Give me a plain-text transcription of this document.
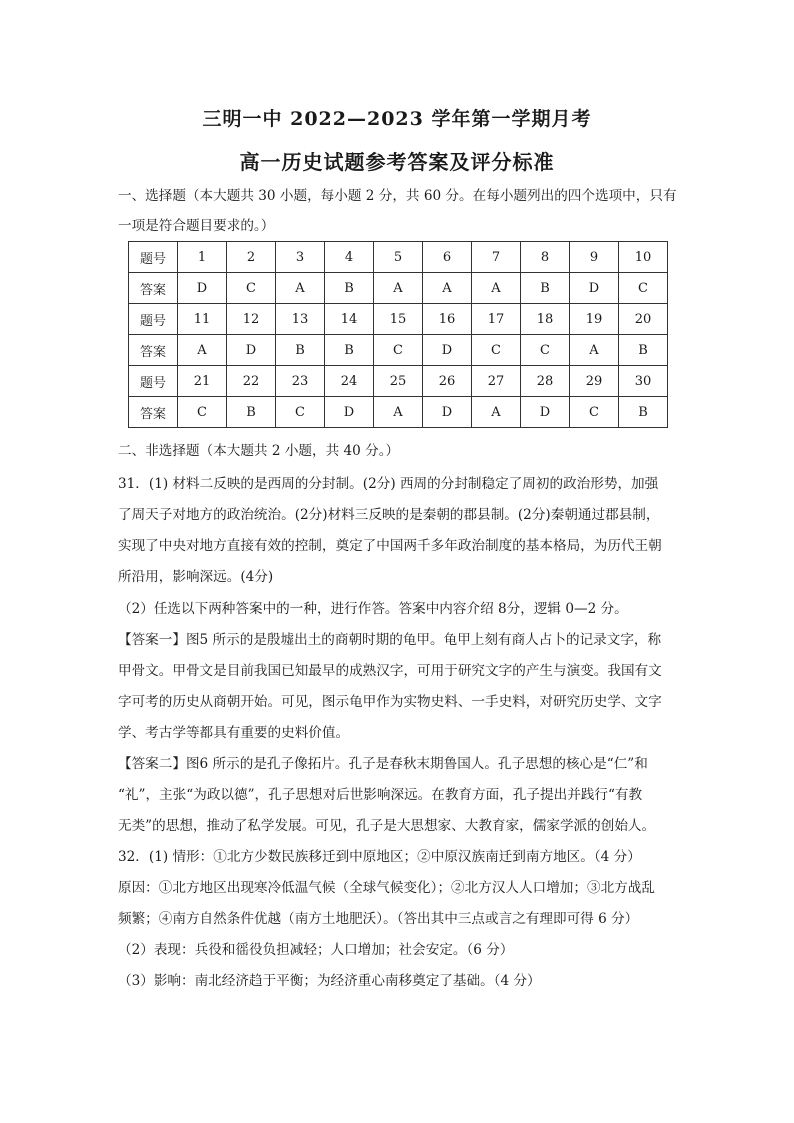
三明一中 2022—2023 学年第一学期月考
高一历史试题参考答案及评分标准
一、选择题（本大题共 30 小题，每小题 2 分，共 60 分。在每小题列出的四个选项中，只有
一项是符合题目要求的。）
题号	1	2	3	4	5	6	7	8	9	10
答案	D	C	A	B	A	A	A	B	D	C
题号	11	12	13	14	15	16	17	18	19	20
答案	A	D	B	B	C	D	C	C	A	B
题号	21	22	23	24	25	26	27	28	29	30
答案	C	B	C	D	A	D	A	D	C	B
二、非选择题（本大题共 2 小题，共 40 分。）
31．(1) 材料二反映的是西周的分封制。(2分) 西周的分封制稳定了周初的政治形势，加强
了周天子对地方的政治统治。(2分)材料三反映的是秦朝的郡县制。(2分)秦朝通过郡县制，
实现了中央对地方直接有效的控制，奠定了中国两千多年政治制度的基本格局，为历代王朝
所沿用，影响深远。(4分)
（2）任选以下两种答案中的一种，进行作答。答案中内容介绍 8分，逻辑 0—2 分。
【答案一】图5 所示的是殷墟出土的商朝时期的龟甲。龟甲上刻有商人占卜的记录文字，称
甲骨文。甲骨文是目前我国已知最早的成熟汉字，可用于研究文字的产生与演变。我国有文
字可考的历史从商朝开始。可见，图示龟甲作为实物史料、一手史料，对研究历史学、文字
学、考古学等都具有重要的史料价值。
【答案二】图6 所示的是孔子像拓片。孔子是春秋末期鲁国人。孔子思想的核心是“仁”和
“礼”，主张“为政以德”，孔子思想对后世影响深远。在教育方面，孔子提出并践行“有教
无类”的思想，推动了私学发展。可见，孔子是大思想家、大教育家，儒家学派的创始人。
32．(1) 情形：①北方少数民族移迁到中原地区；②中原汉族南迁到南方地区。（4 分）
原因：①北方地区出现寒冷低温气候（全球气候变化）；②北方汉人人口增加；③北方战乱
频繁；④南方自然条件优越（南方土地肥沃）。（答出其中三点或言之有理即可得 6 分）
（2）表现：兵役和徭役负担减轻；人口增加；社会安定。（6 分）
（3）影响：南北经济趋于平衡；为经济重心南移奠定了基础。（4 分）
